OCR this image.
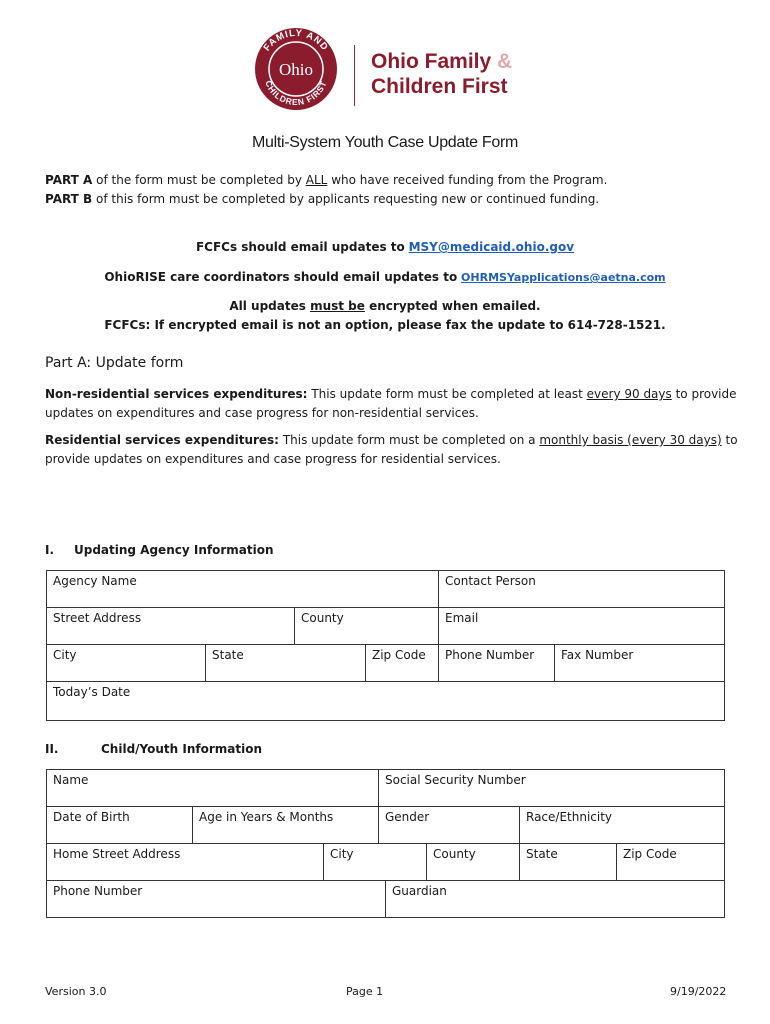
FAMILY AND
CHILDREN FIRST
Ohio	Ohio Family &
Children First
Multi-System Youth Case Update Form
PART A of the form must be completed by ALL who have received funding from the Program.
PART B of this form must be completed by applicants requesting new or continued funding.
FCFCs should email updates to MSY@medicaid.ohio.gov
OhioRISE care coordinators should email updates to OHRMSYapplications@aetna.com
All updates must be encrypted when emailed.
FCFCs: If encrypted email is not an option, please fax the update to 614-728-1521.
Part A: Update form
Non-residential services expenditures: This update form must be completed at least every 90 days to provide
updates on expenditures and case progress for non-residential services.
Residential services expenditures: This update form must be completed on a monthly basis (every 30 days) to
provide updates on expenditures and case progress for residential services.
I. Updating Agency Information
Agency Name	Contact Person
Street Address	County	Email
City	State	Zip Code	Phone Number	Fax Number
Today’s Date
II.	Child/Youth Information
Name	Social Security Number
Date of Birth	Age in Years & Months	Gender	Race/Ethnicity
Home Street Address	City	County	State	Zip Code
Phone Number	Guardian
Version 3.0	Page 1	9/19/2022
